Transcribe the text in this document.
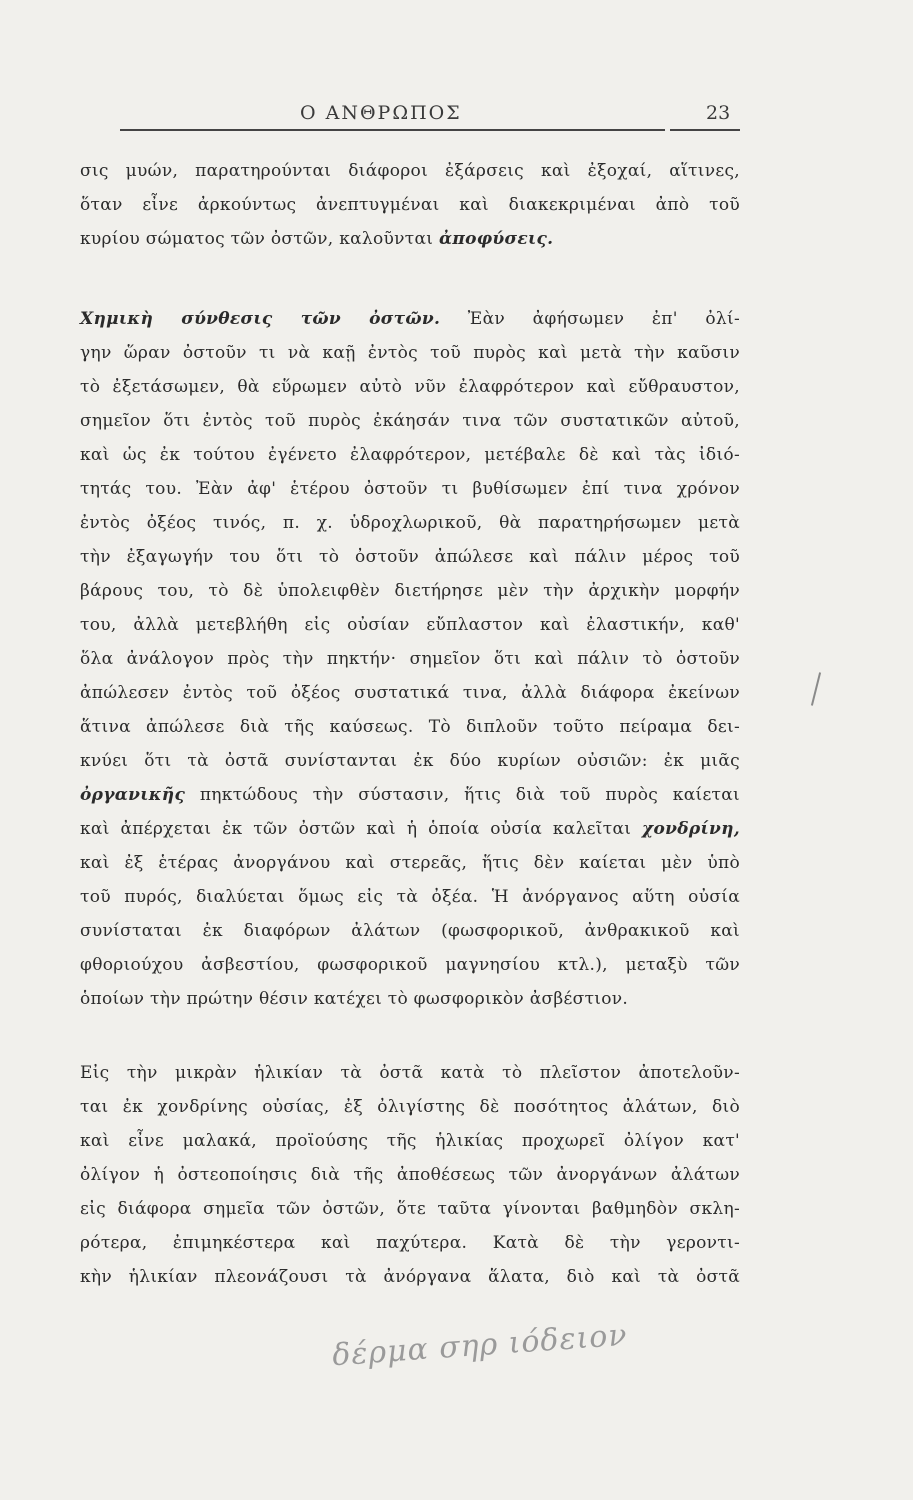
Ο ΑΝΘΡΩΠΟΣ	23
σις μυών, παρατηρούνται διάφοροι ἐξάρσεις καὶ ἐξοχαί, αἵτινες,
ὅταν εἶνε ἀρκούντως ἀνεπτυγμέναι καὶ διακεκριμέναι ἀπὸ τοῦ
κυρίου σώματος τῶν ὀστῶν, καλοῦνται ἀποφύσεις.
Χημικὴ σύνθεσις τῶν ὀστῶν. Ἐὰν ἀφήσωμεν ἐπ' ὀλί-
γην ὥραν ὀστοῦν τι νὰ καῇ ἐντὸς τοῦ πυρὸς καὶ μετὰ τὴν καῦσιν
τὸ ἐξετάσωμεν, θὰ εὕρωμεν αὐτὸ νῦν ἐλαφρότερον καὶ εὔθραυστον,
σημεῖον ὅτι ἐντὸς τοῦ πυρὸς ἐκάησάν τινα τῶν συστατικῶν αὐτοῦ,
καὶ ὡς ἐκ τούτου ἐγένετο ἐλαφρότερον, μετέβαλε δὲ καὶ τὰς ἰδιό-
τητάς του. Ἐὰν ἀφ' ἑτέρου ὀστοῦν τι βυθίσωμεν ἐπί τινα χρόνον
ἐντὸς ὀξέος τινός, π. χ. ὑδροχλωρικοῦ, θὰ παρατηρήσωμεν μετὰ
τὴν ἐξαγωγήν του ὅτι τὸ ὀστοῦν ἀπώλεσε καὶ πάλιν μέρος τοῦ
βάρους του, τὸ δὲ ὑπολειφθὲν διετήρησε μὲν τὴν ἀρχικὴν μορφήν
του, ἀλλὰ μετεβλήθη εἰς οὐσίαν εὔπλαστον καὶ ἐλαστικήν, καθ'
ὅλα ἀνάλογον πρὸς τὴν πηκτήν· σημεῖον ὅτι καὶ πάλιν τὸ ὀστοῦν
ἀπώλεσεν ἐντὸς τοῦ ὀξέος συστατικά τινα, ἀλλὰ διάφορα ἐκείνων
ἅτινα ἀπώλεσε διὰ τῆς καύσεως. Τὸ διπλοῦν τοῦτο πείραμα δει-
κνύει ὅτι τὰ ὀστᾶ συνίστανται ἐκ δύο κυρίων οὐσιῶν: ἐκ μιᾶς
ὀργανικῆς πηκτώδους τὴν σύστασιν, ἥτις διὰ τοῦ πυρὸς καίεται
καὶ ἀπέρχεται ἐκ τῶν ὀστῶν καὶ ἡ ὁποία οὐσία καλεῖται χονδρίνη,
καὶ ἐξ ἑτέρας ἀνοργάνου καὶ στερεᾶς, ἥτις δὲν καίεται μὲν ὑπὸ
τοῦ πυρός, διαλύεται ὅμως εἰς τὰ ὀξέα. Ἡ ἀνόργανος αὕτη οὐσία
συνίσταται ἐκ διαφόρων ἀλάτων (φωσφορικοῦ, ἀνθρακικοῦ καὶ
φθοριούχου ἀσβεστίου, φωσφορικοῦ μαγνησίου κτλ.), μεταξὺ τῶν
ὁποίων τὴν πρώτην θέσιν κατέχει τὸ φωσφορικὸν ἀσβέστιον.
Εἰς τὴν μικρὰν ἡλικίαν τὰ ὀστᾶ κατὰ τὸ πλεῖστον ἀποτελοῦν-
ται ἐκ χονδρίνης οὐσίας, ἐξ ὀλιγίστης δὲ ποσότητος ἀλάτων, διὸ
καὶ εἶνε μαλακά, προϊούσης τῆς ἡλικίας προχωρεῖ ὀλίγον κατ'
ὀλίγον ἡ ὀστεοποίησις διὰ τῆς ἀποθέσεως τῶν ἀνοργάνων ἀλάτων
εἰς διάφορα σημεῖα τῶν ὀστῶν, ὅτε ταῦτα γίνονται βαθμηδὸν σκλη-
ρότερα, ἐπιμηκέστερα καὶ παχύτερα. Κατὰ δὲ τὴν γεροντι-
κὴν ἡλικίαν πλεονάζουσι τὰ ἀνόργανα ἅλατα, διὸ καὶ τὰ ὀστᾶ
δέρμα σηρ ιόδειον
